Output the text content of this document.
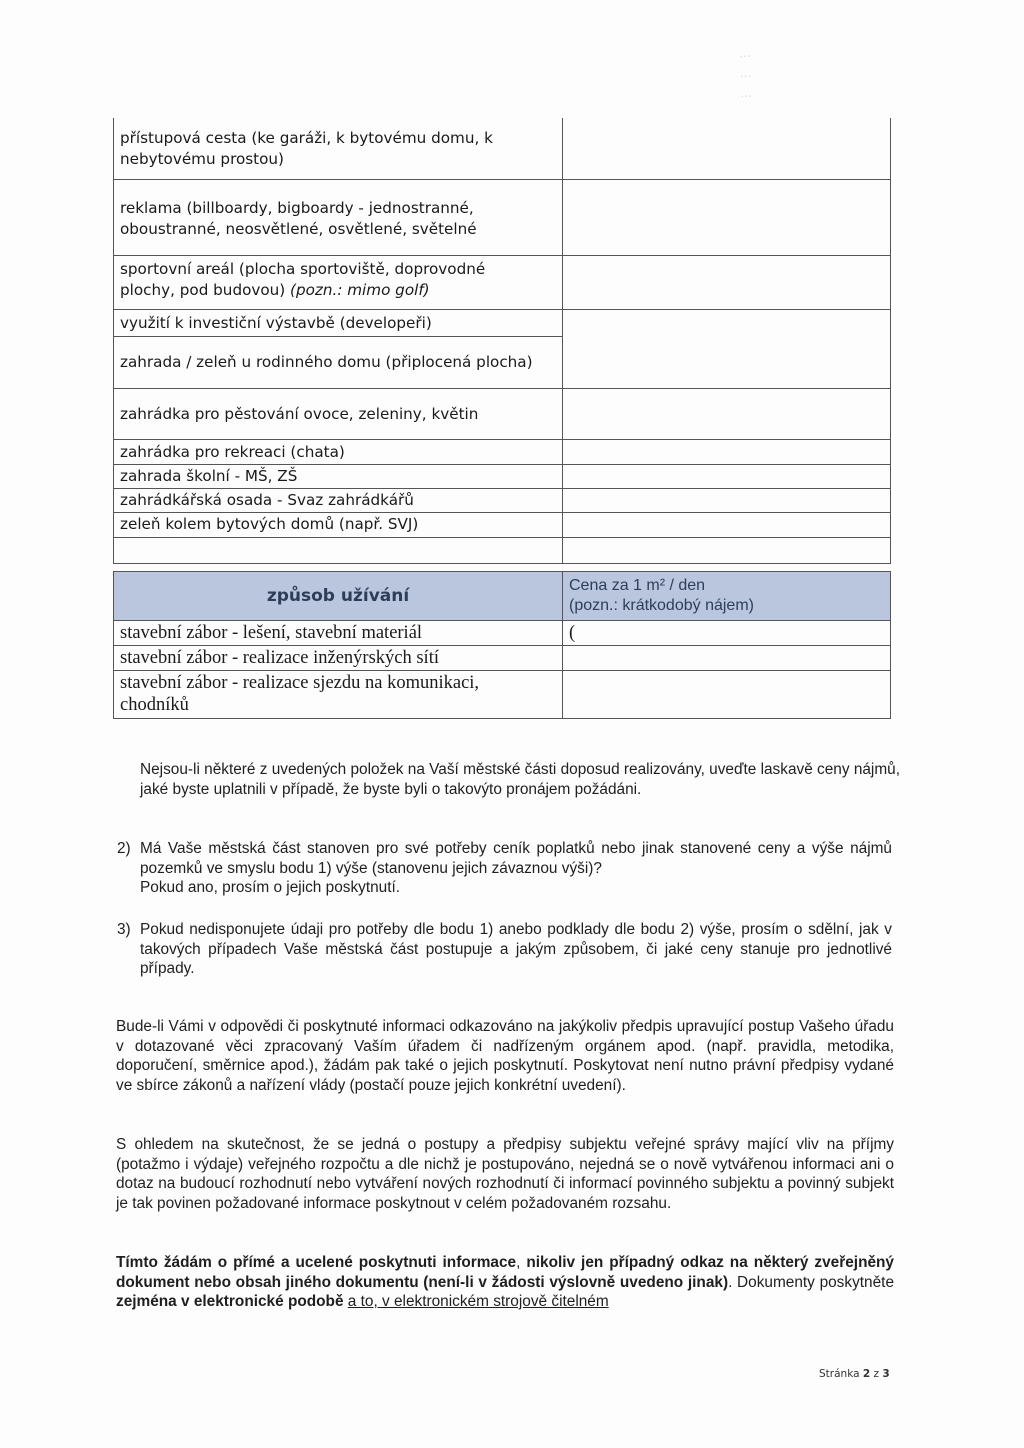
...
...
...
přístupová cesta (ke garáži, k bytovému domu, k
nebytovému prostou)	

reklama (billboardy, bigboardy - jednostranné,
oboustranné, neosvětlené, osvětlené, světelné	

sportovní areál (plocha sportoviště, doprovodné
plochy, pod budovou) (pozn.: mimo golf)	

využití k investiční výstavbě (developeři)	

zahrada / zeleň u rodinného domu (připlocená plocha)	

zahrádka pro pěstování ovoce, zeleniny, květin	

zahrádka pro rekreaci (chata)	

zahrada školní - MŠ, ZŠ	

zahrádkářská osada - Svaz zahrádkářů	

zeleň kolem bytových domů (např. SVJ)	

způsob užívání	Cena za 1 m² / den
(pozn.: krátkodobý nájem)

stavební zábor - lešení, stavební materiál	(

stavební zábor - realizace inženýrských sítí	

stavební zábor - realizace sjezdu na komunikaci,
chodníků	

Nejsou-li některé z uvedených položek na Vaší městské části doposud realizovány, uveďte laskavě ceny nájmů, jaké byste uplatnili v případě, že byste byli o takovýto pronájem požádáni.
2) Má Vaše městská část stanoven pro své potřeby ceník poplatků nebo jinak stanovené ceny a výše nájmů pozemků ve smyslu bodu 1) výše (stanovenu jejich závaznou výši)?
Pokud ano, prosím o jejich poskytnutí.
3) Pokud nedisponujete údaji pro potřeby dle bodu 1) anebo podklady dle bodu 2) výše, prosím o sdělní, jak v takových případech Vaše městská část postupuje a jakým způsobem, či jaké ceny stanuje pro jednotlivé případy.
Bude-li Vámi v odpovědi či poskytnuté informaci odkazováno na jakýkoliv předpis upravující postup Vašeho úřadu v dotazované věci zpracovaný Vaším úřadem či nadřízeným orgánem apod. (např. pravidla, metodika, doporučení, směrnice apod.), žádám pak také o jejich poskytnutí. Poskytovat není nutno právní předpisy vydané ve sbírce zákonů a nařízení vlády (postačí pouze jejich konkrétní uvedení).
S ohledem na skutečnost, že se jedná o postupy a předpisy subjektu veřejné správy mající vliv na příjmy (potažmo i výdaje) veřejného rozpočtu a dle nichž je postupováno, nejedná se o nově vytvářenou informaci ani o dotaz na budoucí rozhodnutí nebo vytváření nových rozhodnutí či informací povinného subjektu a povinný subjekt je tak povinen požadované informace poskytnout v celém požadovaném rozsahu.
Tímto žádám o přímé a ucelené poskytnuti informace, nikoliv jen případný odkaz na některý zveřejněný dokument nebo obsah jiného dokumentu (není-li v žádosti výslovně uvedeno jinak). Dokumenty poskytněte zejména v elektronické podobě a to, v elektronickém strojově čitelném
Stránka 2 z 3
